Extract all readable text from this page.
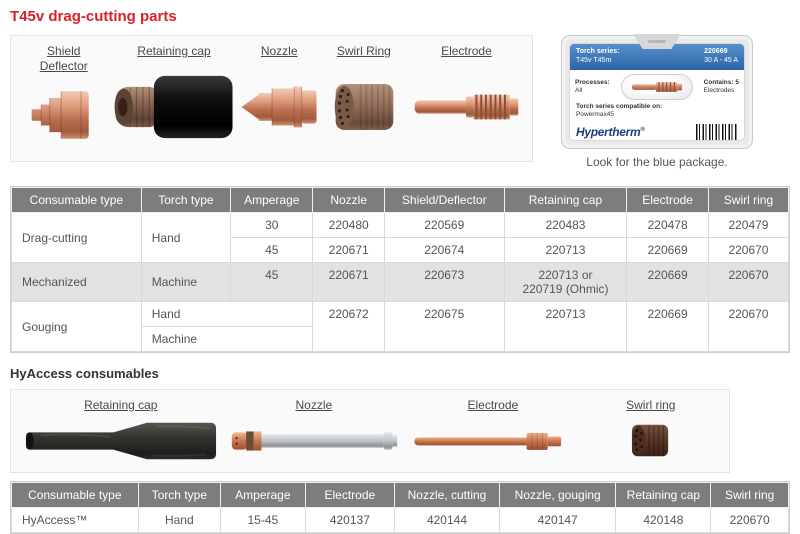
T45v drag-cutting parts
Shield Deflector
Retaining cap	Nozzle	Swirl Ring	Electrode	Torch series:
T45v T45m
220669
30 A - 45 A
Processes:
All
Contains: 5
Electrodes
Torch series compatible on:
Powermax45
Hypertherm®
Look for the blue package.
Consumable type	Torch type	Amperage	Nozzle	Shield/Deflector	Retaining cap	Electrode	Swirl ring
Drag-cutting	Hand	30	220480	220569	220483	220478	220479
		45	220671	220674	220713	220669	220670
Mechanized	Machine	45	220671	220673	220713 or
220719 (Ohmic)	220669	220670
Gouging	Hand		220672	220675	220713	220669	220670
	Machine						
HyAccess consumables
Retaining cap	Nozzle	Electrode	Swirl ring
Consumable type	Torch type	Amperage	Electrode	Nozzle, cutting	Nozzle, gouging	Retaining cap	Swirl ring
HyAccess™	Hand	15-45	420137	420144	420147	420148	220670
